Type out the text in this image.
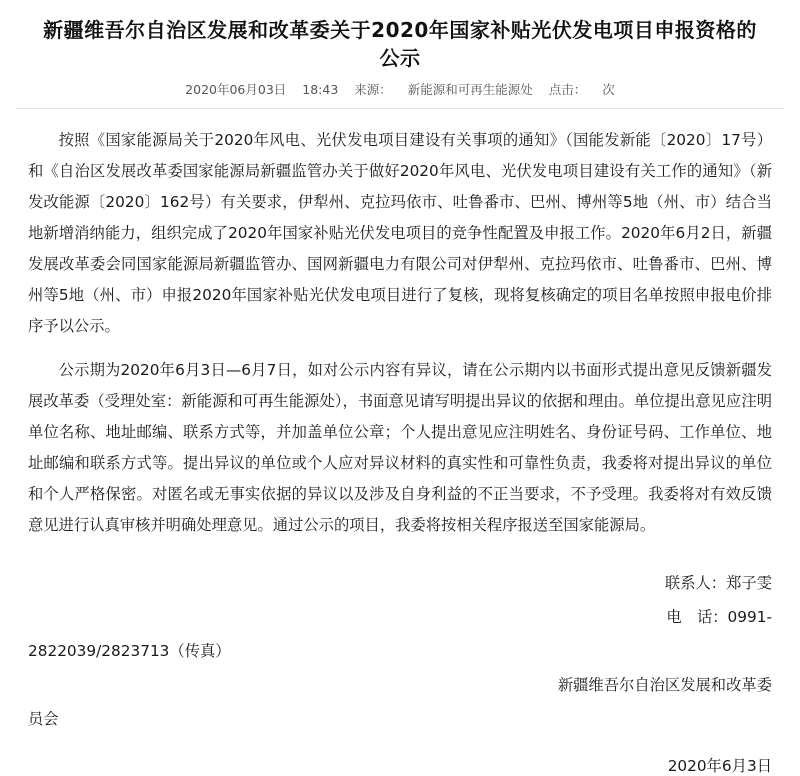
新疆维吾尔自治区发展和改革委关于2020年国家补贴光伏发电项目申报资格的公示
2020年06月03日 18:43 来源： 新能源和可再生能源处 点击： 次

按照《国家能源局关于2020年风电、光伏发电项目建设有关事项的通知》（国能发新能〔2020〕17号）和《自治区发展改革委国家能源局新疆监管办关于做好2020年风电、光伏发电项目建设有关工作的通知》（新发改能源〔2020〕162号）有关要求，伊犁州、克拉玛依市、吐鲁番市、巴州、博州等5地（州、市）结合当地新增消纳能力，组织完成了2020年国家补贴光伏发电项目的竞争性配置及申报工作。2020年6月2日，新疆发展改革委会同国家能源局新疆监管办、国网新疆电力有限公司对伊犁州、克拉玛依市、吐鲁番市、巴州、博州等5地（州、市）申报2020年国家补贴光伏发电项目进行了复核，现将复核确定的项目名单按照申报电价排序予以公示。

公示期为2020年6月3日—6月7日，如对公示内容有异议，请在公示期内以书面形式提出意见反馈新疆发展改革委（受理处室：新能源和可再生能源处），书面意见请写明提出异议的依据和理由。单位提出意见应注明单位名称、地址邮编、联系方式等，并加盖单位公章；个人提出意见应注明姓名、身份证号码、工作单位、地址邮编和联系方式等。提出异议的单位或个人应对异议材料的真实性和可靠性负责，我委将对提出异议的单位和个人严格保密。对匿名或无事实依据的异议以及涉及自身利益的不正当要求，不予受理。我委将对有效反馈意见进行认真审核并明确处理意见。通过公示的项目，我委将按相关程序报送至国家能源局。

联系人：郑子雯
电　话：0991-
2822039/2823713（传真）
新疆维吾尔自治区发展和改革委
员会
2020年6月3日
